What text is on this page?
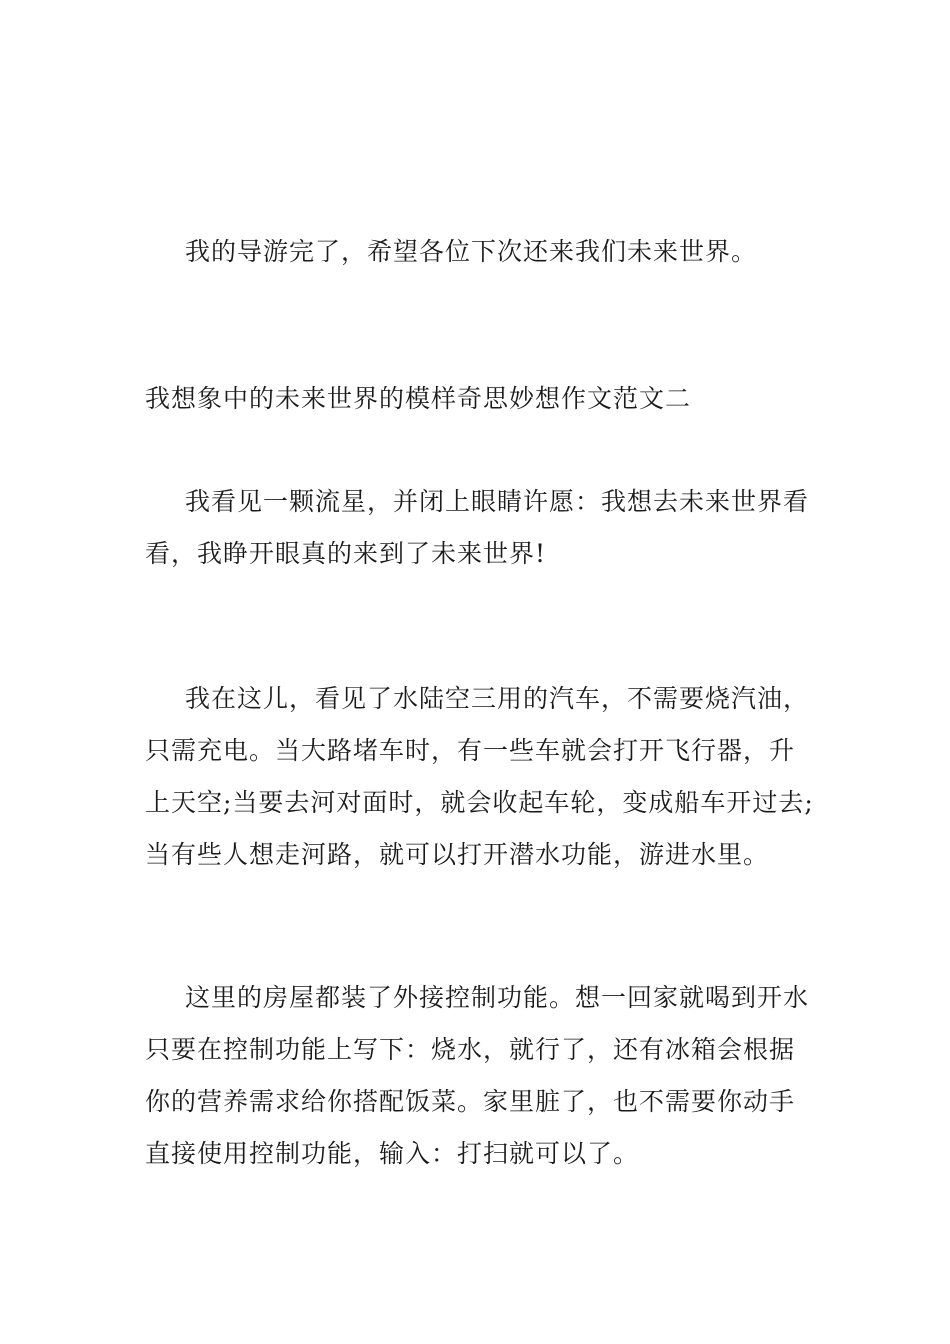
我的导游完了，希望各位下次还来我们未来世界。
我想象中的未来世界的模样奇思妙想作文范文二
我看见一颗流星，并闭上眼睛许愿：我想去未来世界看
看，我睁开眼真的来到了未来世界!
我在这儿，看见了水陆空三用的汽车，不需要烧汽油，
只需充电。当大路堵车时，有一些车就会打开飞行器，升
上天空;当要去河对面时，就会收起车轮，变成船车开过去;
当有些人想走河路，就可以打开潜水功能，游进水里。
这里的房屋都装了外接控制功能。想一回家就喝到开水
只要在控制功能上写下：烧水，就行了，还有冰箱会根据
你的营养需求给你搭配饭菜。家里脏了，也不需要你动手
直接使用控制功能，输入：打扫就可以了。
